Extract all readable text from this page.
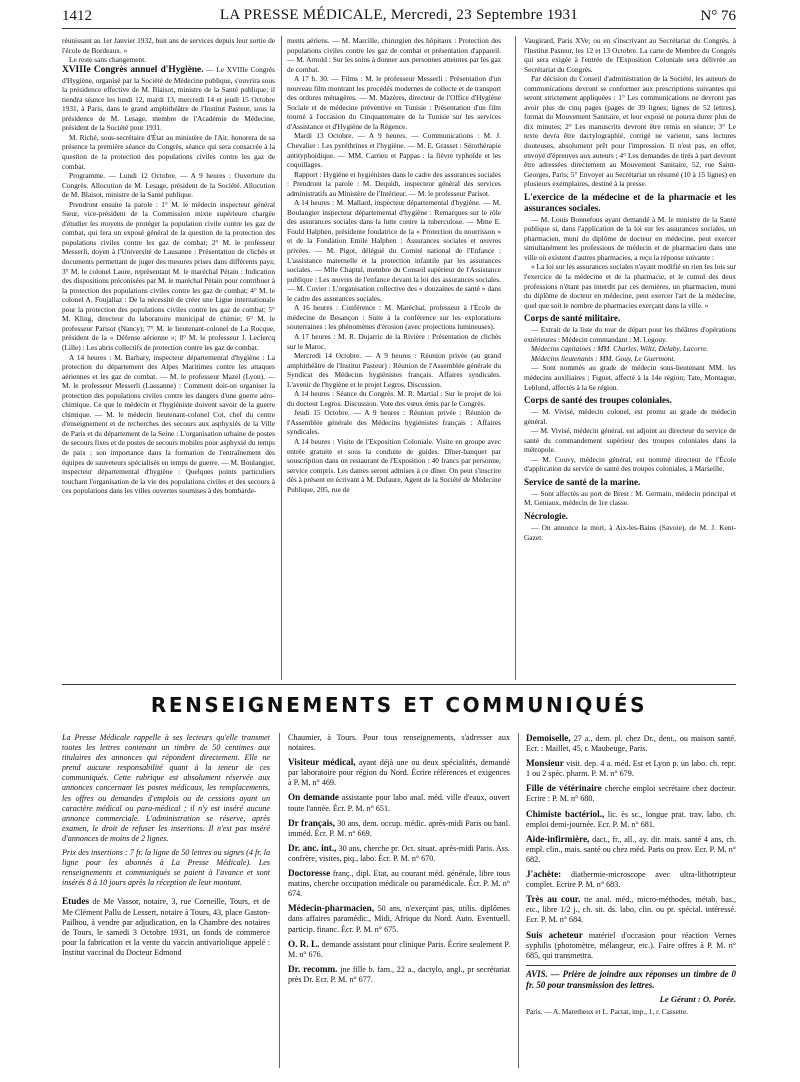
1412	LA PRESSE MÉDICALE, Mercredi, 23 Septembre 1931	N° 76

réunissant au 1er Janvier 1932, huit ans de services depuis leur sortie de l'école de Bordeaux. »

Le reste sans changement.

XVIIIe Congrès annuel d'Hygiène. — Le XVIIIe Congrès d'Hygiène, organisé par la Société de Médecine publique, s'ouvrira sous la présidence effective de M. Blaisot, ministre de la Santé publique; il tiendra séance les lundi 12, mardi 13, mercredi 14 et jeudi 15 Octobre 1931, à Paris, dans le grand amphithéâtre de l'Institut Pasteur, sous la présidence de M. Lesage, membre de l'Académie de Médecine, président de la Société pour 1931.

M. Riché, sous-secrétaire d'État au ministère de l'Air, honorera de sa présence la première séance du Congrès, séance qui sera consacrée à la question de la protection des populations civiles contre les gaz de combat.

Programme. — Lundi 12 Octobre. — A 9 heures : Ouverture du Congrès. Allocution de M. Lesage, président de la Société. Allocution de M. Blaisot, ministre de la Santé publique.

Prendront ensuite la parole : 1° M. le médecin inspecteur général Sieur, vice-président de la Commission mixte supérieure chargée d'étudier les moyens de protéger la population civile contre les gaz de combat, qui fera un exposé général de la question de la protection des populations civiles contre les gaz de combat; 2° M. le professeur Messerli, doyen à l'Université de Lausanne : Présentation de clichés et documents permettant de juger des mesures prises dans différents pays; 3° M. le colonel Laure, représentant M. le maréchal Pétain : Indication des dispositions préconisées par M. le maréchal Pétain pour contribuer à la protection des populations civiles contre les gaz de combat; 4° M. le colonel A. Foujallaz : De la nécessité de créer une Ligue internationale pour la protection des populations civiles contre les gaz de combat; 5° M. Kling, directeur du laboratoire municipal de chimie; 6° M. le professeur Parisot (Nancy); 7° M. le lieutenant-colonel de La Rocque, président de la « Défense aérienne »; 8° M. le professeur J. Leclercq (Lille) : Les abris collectifs de protection contre les gaz de combat.

A 14 heures : M. Barbary, inspecteur départemental d'hygiène : La protection du département des Alpes Maritimes contre les attaques aériennes et les gaz de combat. — M. le professeur Mazel (Lyon). — M. le professeur Messerli (Lausanne) : Comment doit-on organiser la protection des populations civiles contre les dangers d'une guerre aéro-chimique. Ce que le médecin et l'hygiéniste doivent savoir de la guerre chimique. — M. le médecin lieutenant-colonel Cot, chef du centre d'enseignement et de recherches des secours aux asphyxiés de la Ville de Paris et du département de la Seine : L'organisation urbaine de postes de secours fixes et de postes de secours mobiles pour asphyxié du temps de paix ; son importance dans la formation de l'entraînement des équipes de sauveteurs spécialisés en temps de guerre. — M. Boulangier, inspecteur départemental d'hygiène : Quelques points particuliers touchant l'organisation de la vie des populations civiles et des secours à ces populations dans les villes ouvertes soumises à des bombarde-

ments aériens. — M. Marcille, chirurgien des hôpitaux : Protection des populations civiles contre les gaz de combat et présentation d'appareil. — M. Arnold : Sur les soins à donner aux personnes atteintes par les gaz de combat.

A 17 h. 30. — Films : M. le professeur Messerli : Présentation d'un nouveau film montrant les procédés modernes de collecte et de transport des ordures ménagères. — M. Mazères, directeur de l'Office d'Hygiène Sociale et de médecine préventive en Tunisie : Présentation d'un film tourné à l'occasion du Cinquantenaire de la Tunisie sur les services d'Assistance et d'Hygiène de la Régence.

Mardi 13 Octobre. — A 9 heures. — Communications : M. J. Chevalier : Les pyréthrines et l'hygiène. — M. E. Grasset : Sérothérapie antityphoïdique. — MM. Carrieu et Pappas : la fièvre typhoïde et les coquillages.

Rapport : Hygiène et hygiénistes dans le cadre des assurances sociales : Prendront la parole : M. Dequidt, inspecteur général des services administratifs au Ministère de l'Intérieur. — M. le professeur Parisot.

A 14 heures : M. Mallard, inspecteur départemental d'hygiène. — M. Boulangier inspecteur départemental d'hygiène : Remarques sur le rôle des assurances sociales dans la lutte contre la tuberculose. — Mme E. Fould Halphen, présidente fondatrice de la « Protection du nourrisson » et de la Fondation Emile Halphen : Assurances sociales et œuvres privées. — M. Pigot, délégué du Comité national de l'Enfance : L'assistance maternelle et la protection infantile par les assurances sociales. — Mlle Chaptal, membre du Conseil supérieur de l'Assistance publique : Les œuvres de l'enfance devant la loi des assurances sociales. — M. Cuvier : L'organisation collective des « douzaines de santé » dans le cadre des assurances sociales.

A 16 heures : Conférence : M. Maréchal, professeur à l'École de médecine de Besançon : Suite à la conférence sur les explorations souterraines : les phénomènes d'érosion (avec projections lumineuses).

A 17 heures : M. R. Dujarric de la Rivière : Présentation de clichés sur le Maroc.

Mercredi 14 Octobre. — A 9 heures : Réunion privée (au grand amphithéâtre de l'Institut Pasteur) : Réunion de l'Assemblée générale du Syndicat des Médecins hygiénistes français. Affaires syndicales. L'avenir de l'hygiène et le projet Legros. Discussion.

A 14 heures : Séance du Congrès. M. R. Martial : Sur le projet de loi du docteur Legros. Discussion. Vote des vœux émis par le Congrès.

Jeudi 15 Octobre. — A 9 heures : Réunion privée : Réunion de l'Assemblée générale des Médecins hygiénistes français : Affaires syndicales.

A 14 heures : Visite de l'Exposition Coloniale. Visite en groupe avec entrée gratuite et sous la conduite de guides. Dîner-banquet par souscription dans un restaurant de l'Exposition : 40 francs par personne, service compris. Les dames seront admises à ce dîner. On peut s'inscrire dès à présent en écrivant à M. Dufaure, Agent de la Société de Médecine Publique, 205, rue de

Vaugirard, Paris XVe; ou en s'inscrivant au Secrétariat du Congrès, à l'Institut Pasteur, les 12 et 13 Octobre. La carte de Membre du Congrès qui sera exigée à l'entrée de l'Exposition Coloniale sera délivrée au Secrétariat du Congrès.

Par décision du Conseil d'administration de la Société, les auteurs de communications devront se conformer aux prescriptions suivantes qui seront strictement appliquées : 1° Les communications ne devront pas avoir plus de cinq pages (pages de 39 lignes; lignes de 52 lettres), format du Mouvement Sanitaire, et leur exposé ne pourra durer plus de dix minutes; 2° Les manuscrits devront être remis en séance; 3° Le texte devra être dactylographié, corrigé ne varietur, sans lectures douteuses, absolument prêt pour l'impression. Il n'est pas, en effet, envoyé d'épreuves aux auteurs ; 4° Les demandes de tirés à part devront être adressées directement au Mouvement Sanitaire, 52, rue Saint-Georges, Paris; 5° Envoyer au Secrétariat un résumé (10 à 15 lignes) en plusieurs exemplaires, destiné à la presse.

L'exercice de la médecine et de la pharmacie et les assurances sociales.

— M. Louis Bonnefous ayant demandé à M. le ministre de la Santé publique si, dans l'application de la loi sur les assurances sociales, un pharmacien, muni du diplôme de docteur en médecine, peut exercer simultanément les professions de médecin et de pharmacien dans une ville où existent d'autres pharmacies, a reçu la réponse suivante :

« La loi sur les assurances sociales n'ayant modifié en rien les lois sur l'exercice de la médecine et de la pharmacie, et le cumul des deux professions n'étant pas interdit par ces dernières, un pharmacien, muni du diplôme de docteur en médecine, peut exercer l'art de la médecine, quel que soit le nombre de pharmacies exerçant dans la ville. »

Corps de santé militaire.

— Extrait de la liste du tour de départ pour les théâtres d'opérations extérieures : Médecin commandant : M. Legouy.

Médecins capitaines : MM. Charles, Wiltz, Delaby, Lacorre.

Médecins lieutenants : MM. Gouy, Le Guermont.

— Sont nommés au grade de médecin sous-lieutenant MM. les médecins auxiliaires ; Figuet, affecté à la 14e région; Tate, Montague, Leblond, affectés à la 6e région.

Corps de santé des troupes coloniales.

— M. Vivisé, médecin colonel, est promu au grade de médecin général.

— M. Vivisé, médecin général, est adjoint au directeur du service de santé du commandement supérieur des troupes coloniales dans la métropole.

— M. Couvy, médecin général, est nommé directeur de l'École d'application du service de santé des troupes coloniales, à Marseille.

Service de santé de la marine.

— Sont affectés au port de Brest : M. Germain, médecin principal et M. Geniaux, médecin de 1re classe.

Nécrologie.

— On annonce la mort, à Aix-les-Bains (Savoie), de M. J. Kent-Gazet.

RENSEIGNEMENTS ET COMMUNIQUÉS

La Presse Médicale rappelle à ses lecteurs qu'elle transmet toutes les lettres contenant un timbre de 50 centimes aux titulaires des annonces qui répondent directement. Elle ne prend aucune responsabilité quant à la teneur de ces communiqués. Cette rubrique est absolument réservée aux annonces concernant les postes médicaux, les remplacements, les offres ou demandes d'emplois ou de cessions ayant un caractère médical ou para-médical ; il n'y est inséré aucune annonce commerciale. L'administration se réserve, après examen, le droit de refuser les insertions. Il n'est pas inséré d'annonces de moins de 2 lignes.

Prix des insertions : 7 fr. la ligne de 50 lettres ou signes (4 fr. la ligne pour les abonnés à La Presse Médicale). Les renseignements et communiqués se paient à l'avance et sont insérés 8 à 10 jours après la réception de leur montant.

Etudes de Me Vassor, notaire, 3, rue Corneille, Tours, et de Me Clément Pallu de Lessert, notaire à Tours, 43, place Gaston-Pailhou, à vendre par adjudication, en la Chambre des notaires de Tours, le samedi 3 Octobre 1931, un fonds de commerce pour la fabrication et la vente du vaccin antivariolique appelé : Institut vaccinal du Docteur Edmond

Chaumier, à Tours. Pour tous renseignements, s'adresser aux notaires.

Visiteur médical, ayant déjà une ou deux spécialités, demandé par laboratoire pour région du Nord. Écrire références et exigences à P. M. n° 469.

On demande assistante pour labo anal. méd. ville d'eaux, ouvert toute l'année. Écr. P. M. n° 651.

Dr français, 30 ans, dem. occup. médic. après-midi Paris ou banl. imméd. Écr. P. M. n° 669.

Dr. anc. int., 30 ans, cherche pr. Oct. situat. après-midi Paris. Ass. confrère, visites, piq., labo. Écr. P. M. n° 670.

Doctoresse franç., dipl. Etat, au courant méd. générale, libre tous matins, cherche occupation médicale ou paramédicale. Écr. P. M. n° 674.

Médecin-pharmacien, 50 ans, n'exerçant pas, utilis. diplômes dans affaires paramédic., Midi, Afrique du Nord. Auto. Eventuell. particip. financ. Écr. P. M. n° 675.

O. R. L. demande assistant pour clinique Paris. Écrire seulement P. M. n° 676.

Dr. recomm. jne fille b. fam., 22 a., dactylo, angl., pr secrétariat près Dr. Ecr. P. M. n° 677.

Demoiselle, 27 a., dem. pl. chez Dr., dent., ou maison santé. Ecr. : Maillet, 45, r. Maubeuge, Paris.

Monsieur visit. dep. 4 a. méd. Est et Lyon p. un labo. ch. repr. 1 ou 2 spéc. pharm. P. M. n° 679.

Fille de vétérinaire cherche emploi secrétaire chez docteur. Ecrire : P. M. n° 680.

Chimiste bactériol., lic. ès sc., longue prat. trav. labo. ch. emploi demi-journée. Ecr. P. M. n° 681.

Aide-infirmière, dact., fr., all., ay. dir. mais. santé 4 ans, ch. empl. clin., mais. santé ou chez méd. Paris ou prov. Ecr. P. M. n° 682.

J'achète: diathermie-microscope avec ultra-lithotripteur complet. Ecrire P. M. n° 683.

Très au cour. tte anal. méd., micro-méthodes, métab. bas., etc., libre 1/2 j., ch. sit. ds. labo, clin. ou pr. spécial. intéressé. Ecr. P. M. n° 684.

Suis acheteur matériel d'occasion pour réaction Vernes syphilis (photomètre, mélangeur, etc.). Faire offres à P. M. n° 685, qui transmettra.

AVIS. — Prière de joindre aux réponses un timbre de 0 fr. 50 pour transmission des lettres.

Le Gérant : O. Porée.
Paris. — A. Maretheux et L. Pactat, imp., 1, r. Cassette.
